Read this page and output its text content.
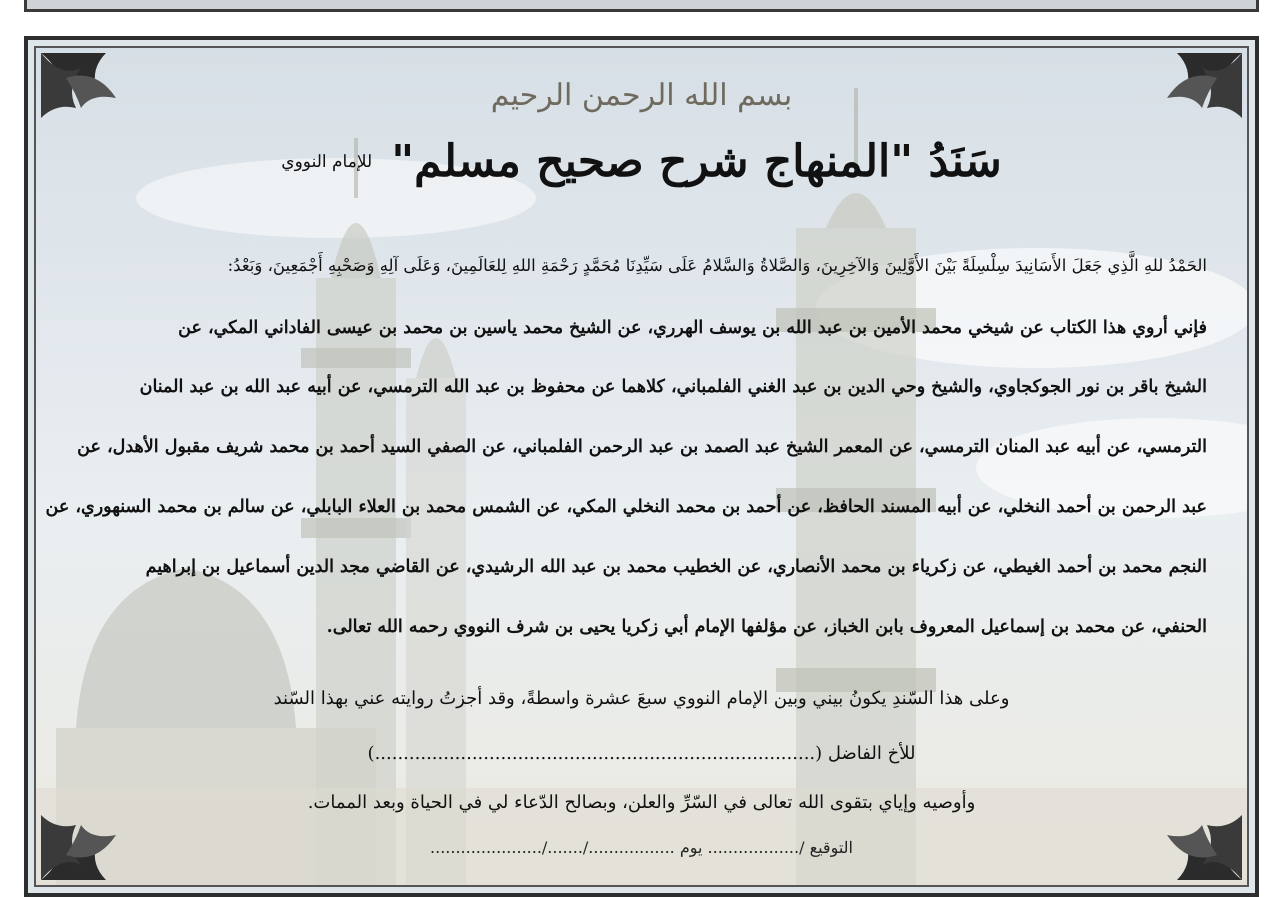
بسم الله الرحمن الرحيم
سَنَدُ "المنهاج شرح صحيح مسلم" للإمام النووي
الحَمْدُ للهِ الَّذِي جَعَلَ الأَسَانِيدَ سِلْسِلَةً بَيْنَ الأَوَّلِينَ وَالآخِرِينَ، وَالصَّلاةُ وَالسَّلامُ عَلَى سَيِّدِنَا مُحَمَّدٍ رَحْمَةِ اللهِ لِلعَالَمِينَ، وَعَلَى آلِهِ وَصَحْبِهِ أَجْمَعِينَ، وَبَعْدُ:
فإني أروي هذا الكتاب عن شيخي محمد الأمين بن عبد الله بن يوسف الهرري، عن الشيخ محمد ياسين بن محمد بن عيسى الفاداني المكي، عن
الشيخ باقر بن نور الجوكجاوي، والشيخ وحي الدين بن عبد الغني الفلمباني، كلاهما عن محفوظ بن عبد الله الترمسي، عن أبيه عبد الله بن عبد المنان
الترمسي، عن أبيه عبد المنان الترمسي، عن المعمر الشيخ عبد الصمد بن عبد الرحمن الفلمباني، عن الصفي السيد أحمد بن محمد شريف مقبول الأهدل، عن
عبد الرحمن بن أحمد النخلي، عن أبيه المسند الحافظ، عن أحمد بن محمد النخلي المكي، عن الشمس محمد بن العلاء البابلي، عن سالم بن محمد السنهوري، عن
النجم محمد بن أحمد الغيطي، عن زكرياء بن محمد الأنصاري، عن الخطيب محمد بن عبد الله الرشيدي، عن القاضي مجد الدين أسماعيل بن إبراهيم
الحنفي، عن محمد بن إسماعيل المعروف بابن الخباز، عن مؤلفها الإمام أبي زكريا يحيى بن شرف النووي رحمه الله تعالى.
وعلى هذا السّندِ يكونُ بيني وبين الإمام النووي سبعَ عشرة واسطةً، وقد أجزتُ روايته عني بهذا السّند
للأخ الفاضل (.............................................................................)
وأوصيه وإياي بتقوى الله تعالى في السّرِّ والعلن، وبصالح الدّعاء لي في الحياة وبعد الممات.
التوقيع /.................. يوم ................./......./......................
